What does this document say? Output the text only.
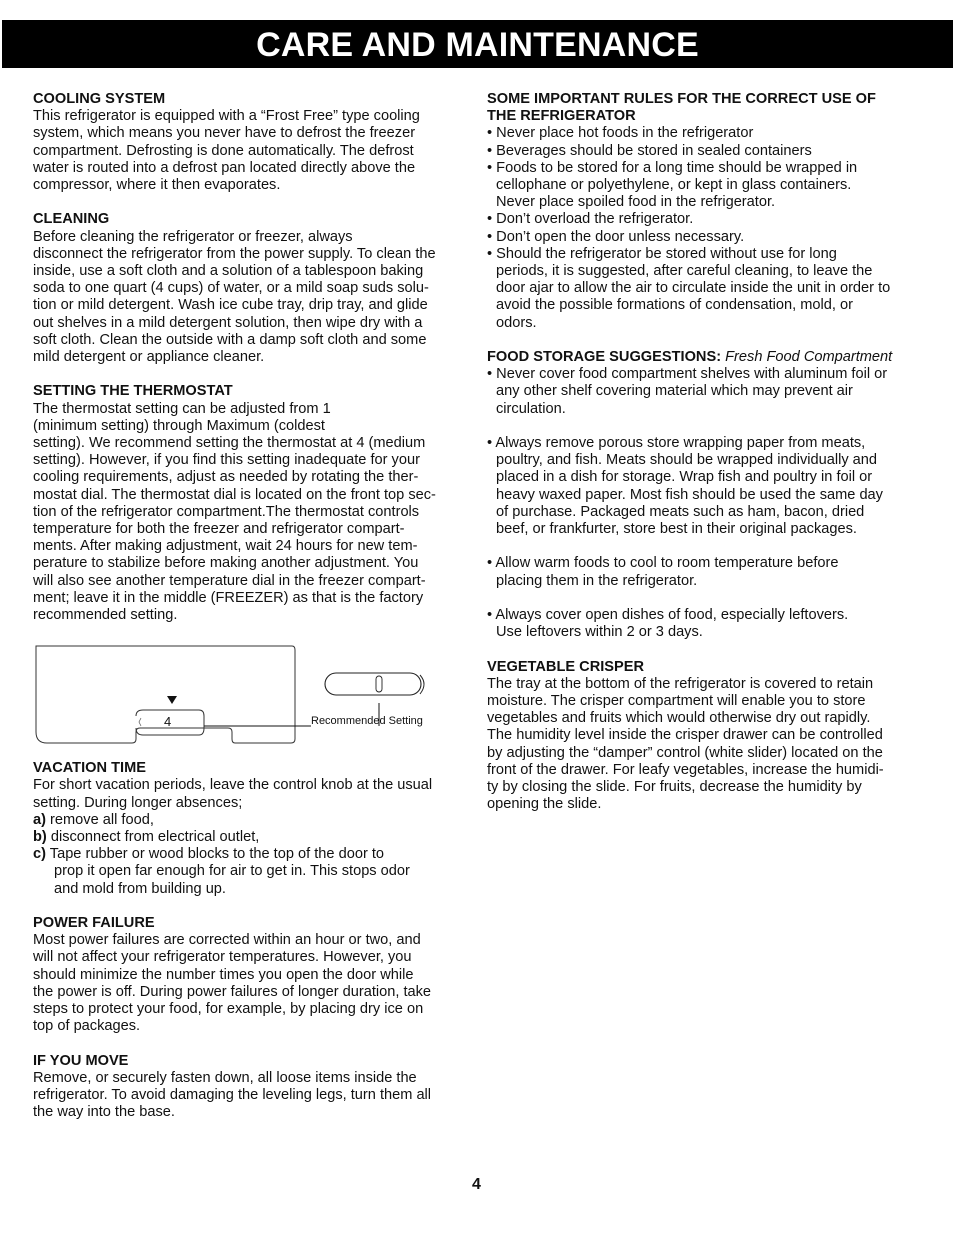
CARE AND MAINTENANCE
COOLING SYSTEM
This refrigerator is equipped with a “Frost Free” type cooling
system, which means you never have to defrost the freezer
compartment. Defrosting is done automatically. The defrost
water is routed into a defrost pan located directly above the
compressor, where it then evaporates.
CLEANING
Before cleaning the refrigerator or freezer, always
disconnect the refrigerator from the power supply. To clean the
inside, use a soft cloth and a solution of a tablespoon baking
soda to one quart (4 cups) of water, or a mild soap suds solu-
tion or mild detergent. Wash ice cube tray, drip tray, and glide
out shelves in a mild detergent solution, then wipe dry with a
soft cloth. Clean the outside with a damp soft cloth and some
mild detergent or appliance cleaner.
SETTING THE THERMOSTAT
The thermostat setting can be adjusted from 1
(minimum setting) through Maximum (coldest
setting). We recommend setting the thermostat at 4 (medium
setting). However, if you find this setting inadequate for your
cooling requirements, adjust as needed by rotating the ther-
mostat dial. The thermostat dial is located on the front top sec-
tion of the refrigerator compartment.The thermostat controls
temperature for both the freezer and refrigerator compart-
ments. After making adjustment, wait 24 hours for new tem-
perature to stabilize before making another adjustment. You
will also see another temperature dial in the freezer compart-
ment; leave it in the middle (FREEZER) as that is the factory
recommended setting.
4	Recommended Setting
VACATION TIME
For short vacation periods, leave the control knob at the usual
setting. During longer absences;
a) remove all food,
b) disconnect from electrical outlet,
c) Tape rubber or wood blocks to the top of the door to
prop it open far enough for air to get in. This stops odor
and mold from building up.
POWER FAILURE
Most power failures are corrected within an hour or two, and
will not affect your refrigerator temperatures. However, you
should minimize the number times you open the door while
the power is off. During power failures of longer duration, take
steps to protect your food, for example, by placing dry ice on
top of packages.
IF YOU MOVE
Remove, or securely fasten down, all loose items inside the
refrigerator. To avoid damaging the leveling legs, turn them all
the way into the base.
SOME IMPORTANT RULES FOR THE CORRECT USE OF
THE REFRIGERATOR
• Never place hot foods in the refrigerator
• Beverages should be stored in sealed containers
• Foods to be stored for a long time should be wrapped in
cellophane or polyethylene, or kept in glass containers.
Never place spoiled food in the refrigerator.
• Don’t overload the refrigerator.
• Don’t open the door unless necessary.
• Should the refrigerator be stored without use for long
periods, it is suggested, after careful cleaning, to leave the
door ajar to allow the air to circulate inside the unit in order to
avoid the possible formations of condensation, mold, or
odors.
FOOD STORAGE SUGGESTIONS: Fresh Food Compartment
• Never cover food compartment shelves with aluminum foil or
any other shelf covering material which may prevent air
circulation.
• Always remove porous store wrapping paper from meats,
poultry, and fish. Meats should be wrapped individually and
placed in a dish for storage. Wrap fish and poultry in foil or
heavy waxed paper. Most fish should be used the same day
of purchase. Packaged meats such as ham, bacon, dried
beef, or frankfurter, store best in their original packages.
• Allow warm foods to cool to room temperature before
placing them in the refrigerator.
• Always cover open dishes of food, especially leftovers.
Use leftovers within 2 or 3 days.
VEGETABLE CRISPER
The tray at the bottom of the refrigerator is covered to retain
moisture. The crisper compartment will enable you to store
vegetables and fruits which would otherwise dry out rapidly.
The humidity level inside the crisper drawer can be controlled
by adjusting the “damper” control (white slider) located on the
front of the drawer. For leafy vegetables, increase the humidi-
ty by closing the slide. For fruits, decrease the humidity by
opening the slide.
4
